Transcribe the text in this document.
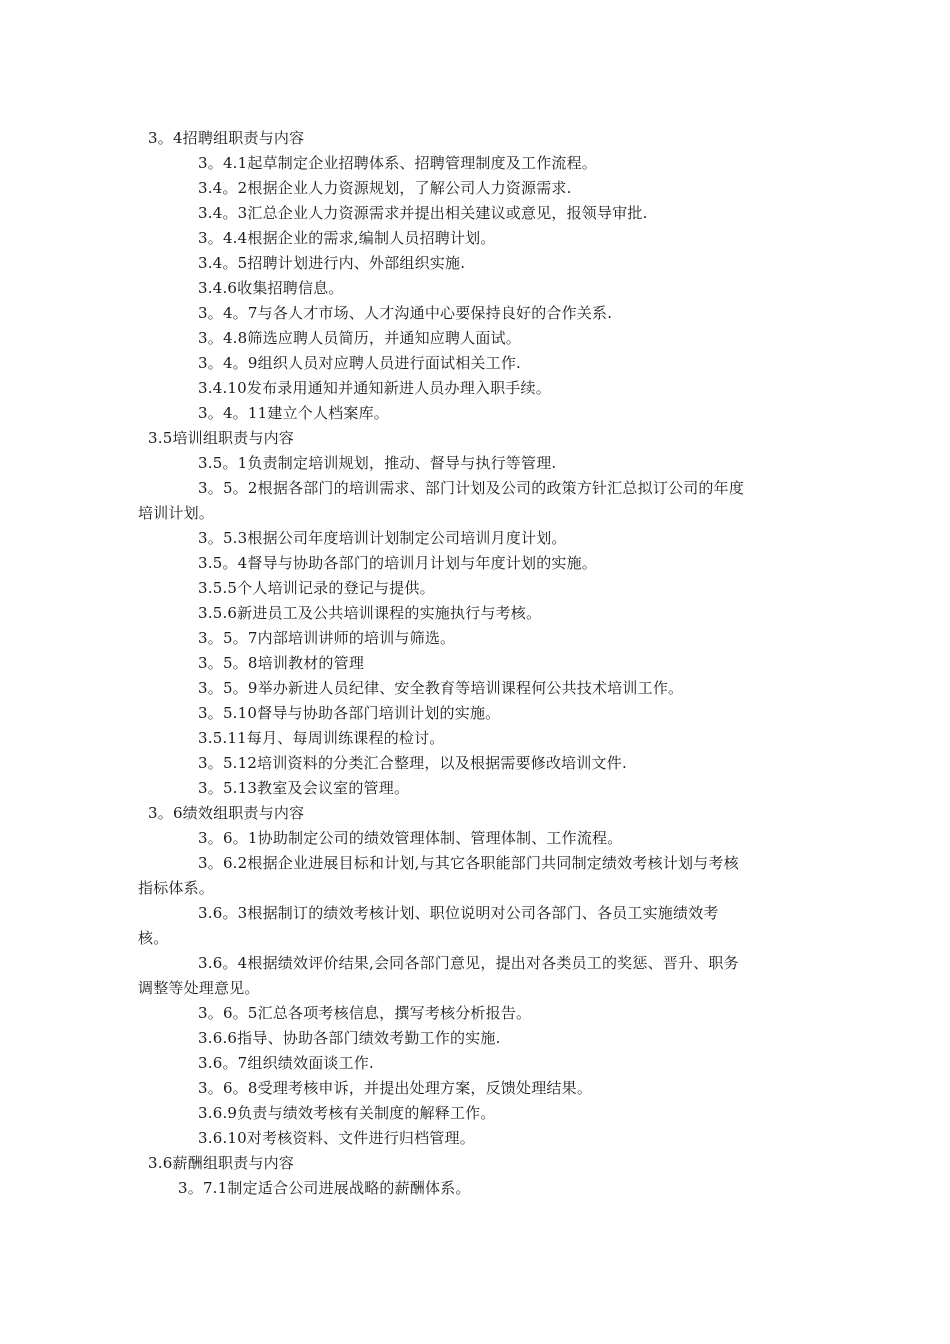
3。4招聘组职责与内容
3。4.1起草制定企业招聘体系、招聘管理制度及工作流程。
3.4。2根据企业人力资源规划，了解公司人力资源需求.
3.4。3汇总企业人力资源需求并提出相关建议或意见，报领导审批.
3。4.4根据企业的需求,编制人员招聘计划。
3.4。5招聘计划进行内、外部组织实施.
3.4.6收集招聘信息。
3。4。7与各人才市场、人才沟通中心要保持良好的合作关系.
3。4.8筛选应聘人员简历，并通知应聘人面试。
3。4。9组织人员对应聘人员进行面试相关工作.
3.4.10发布录用通知并通知新进人员办理入职手续。
3。4。11建立个人档案库。
3.5培训组职责与内容
3.5。1负责制定培训规划，推动、督导与执行等管理.
3。5。2根据各部门的培训需求、部门计划及公司的政策方针汇总拟订公司的年度
培训计划。
3。5.3根据公司年度培训计划制定公司培训月度计划。
3.5。4督导与协助各部门的培训月计划与年度计划的实施。
3.5.5个人培训记录的登记与提供。
3.5.6新进员工及公共培训课程的实施执行与考核。
3。5。7内部培训讲师的培训与筛选。
3。5。8培训教材的管理
3。5。9举办新进人员纪律、安全教育等培训课程何公共技术培训工作。
3。5.10督导与协助各部门培训计划的实施。
3.5.11每月、每周训练课程的检讨。
3。5.12培训资料的分类汇合整理，以及根据需要修改培训文件.
3。5.13教室及会议室的管理。
3。6绩效组职责与内容
3。6。1协助制定公司的绩效管理体制、管理体制、工作流程。
3。6.2根据企业进展目标和计划,与其它各职能部门共同制定绩效考核计划与考核
指标体系。
3.6。3根据制订的绩效考核计划、职位说明对公司各部门、各员工实施绩效考
核。
3.6。4根据绩效评价结果,会同各部门意见，提出对各类员工的奖惩、晋升、职务
调整等处理意见。
3。6。5汇总各项考核信息，撰写考核分析报告。
3.6.6指导、协助各部门绩效考勤工作的实施.
3.6。7组织绩效面谈工作.
3。6。8受理考核申诉，并提出处理方案，反馈处理结果。
3.6.9负责与绩效考核有关制度的解释工作。
3.6.10对考核资料、文件进行归档管理。
3.6薪酬组职责与内容
3。7.1制定适合公司进展战略的薪酬体系。
